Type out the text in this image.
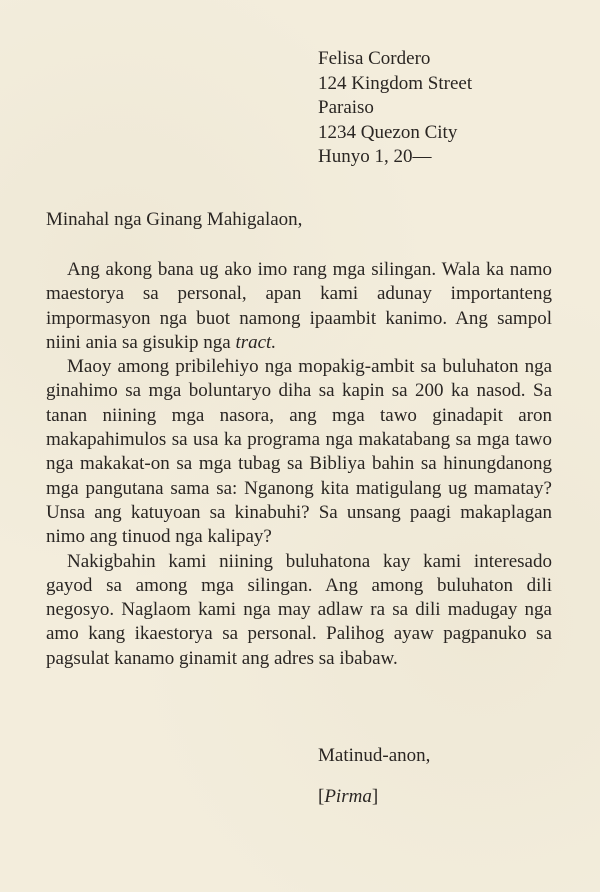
Felisa Cordero
124 Kingdom Street
Paraiso
1234 Quezon City
Hunyo 1, 20—
Minahal nga Ginang Mahigalaon,

Ang akong bana ug ako imo rang mga silingan. Wala ka namo maestorya sa personal, apan kami adunay importanteng impormasyon nga buot namong ipaambit kanimo. Ang sampol niini ania sa gisukip nga tract.

Maoy among pribilehiyo nga mopakig-ambit sa buluhaton nga ginahimo sa mga boluntaryo diha sa kapin sa 200 ka nasod. Sa tanan niining mga nasora, ang mga tawo ginadapit aron makapahimulos sa usa ka programa nga makatabang sa mga tawo nga makakat-on sa mga tubag sa Bibliya bahin sa hinungdanong mga pangutana sama sa: Nganong kita matigulang ug mamatay? Unsa ang katuyoan sa kinabuhi? Sa unsang paagi makaplagan nimo ang tinuod nga kalipay?

Nakigbahin kami niining buluhatona kay kami interesado gayod sa among mga silingan. Ang among buluhaton dili negosyo. Naglaom kami nga may adlaw ra sa dili madugay nga amo kang ikaestorya sa personal. Palihog ayaw pagpanuko sa pagsulat kanamo ginamit ang adres sa ibabaw.

Matinud-anon,
[Pirma]
